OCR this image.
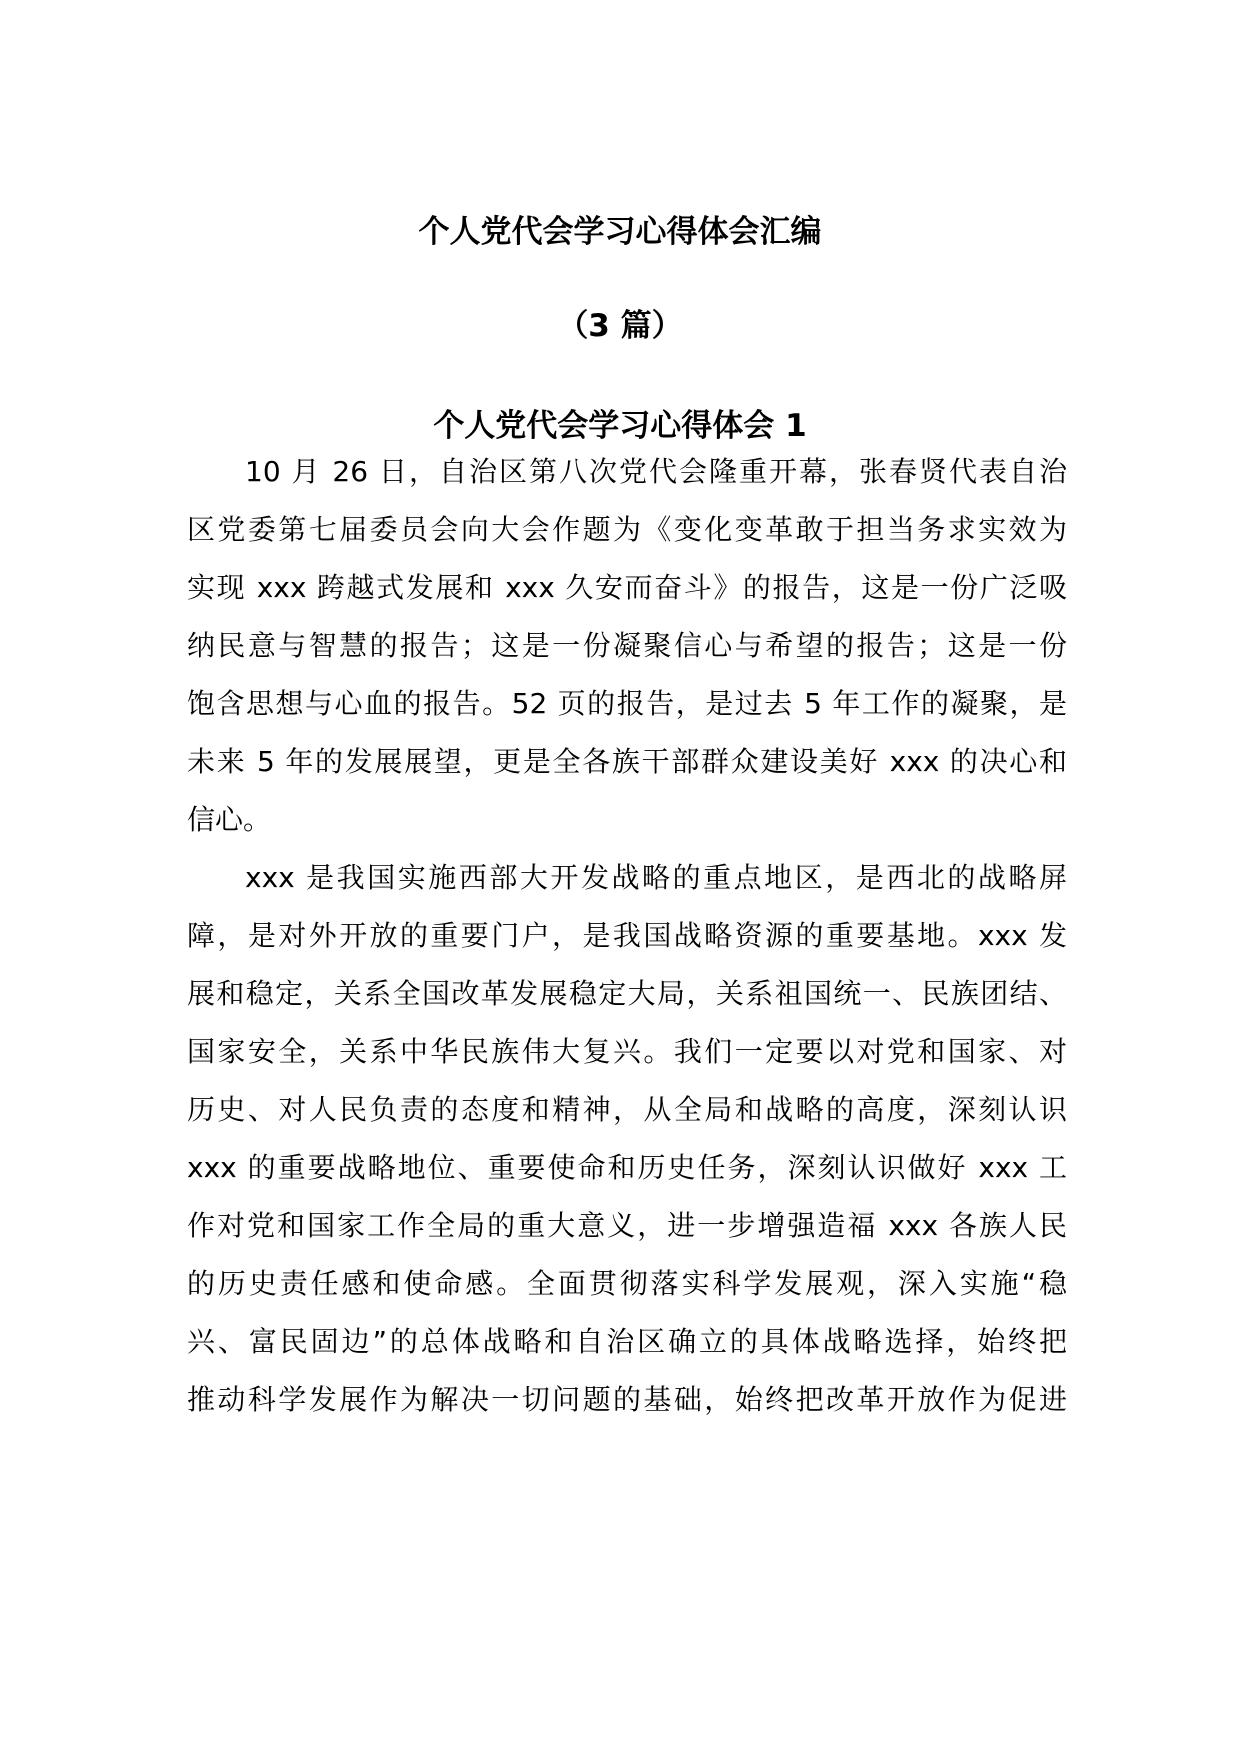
个人党代会学习心得体会汇编
（3 篇）
个人党代会学习心得体会 1
10 月 26 日，自治区第八次党代会隆重开幕，张春贤代表自治
区党委第七届委员会向大会作题为《变化变革敢于担当务求实效为
实现 xxx 跨越式发展和 xxx 久安而奋斗》的报告，这是一份广泛吸
纳民意与智慧的报告；这是一份凝聚信心与希望的报告；这是一份
饱含思想与心血的报告。52 页的报告，是过去 5 年工作的凝聚，是
未来 5 年的发展展望，更是全各族干部群众建设美好 xxx 的决心和
信心。
xxx 是我国实施西部大开发战略的重点地区，是西北的战略屏
障，是对外开放的重要门户，是我国战略资源的重要基地。xxx 发
展和稳定，关系全国改革发展稳定大局，关系祖国统一、民族团结、
国家安全，关系中华民族伟大复兴。我们一定要以对党和国家、对
历史、对人民负责的态度和精神，从全局和战略的高度，深刻认识
xxx 的重要战略地位、重要使命和历史任务，深刻认识做好 xxx 工
作对党和国家工作全局的重大意义，进一步增强造福 xxx 各族人民
的历史责任感和使命感。全面贯彻落实科学发展观，深入实施“稳
兴、富民固边”的总体战略和自治区确立的具体战略选择，始终把
推动科学发展作为解决一切问题的基础，始终把改革开放作为促进
